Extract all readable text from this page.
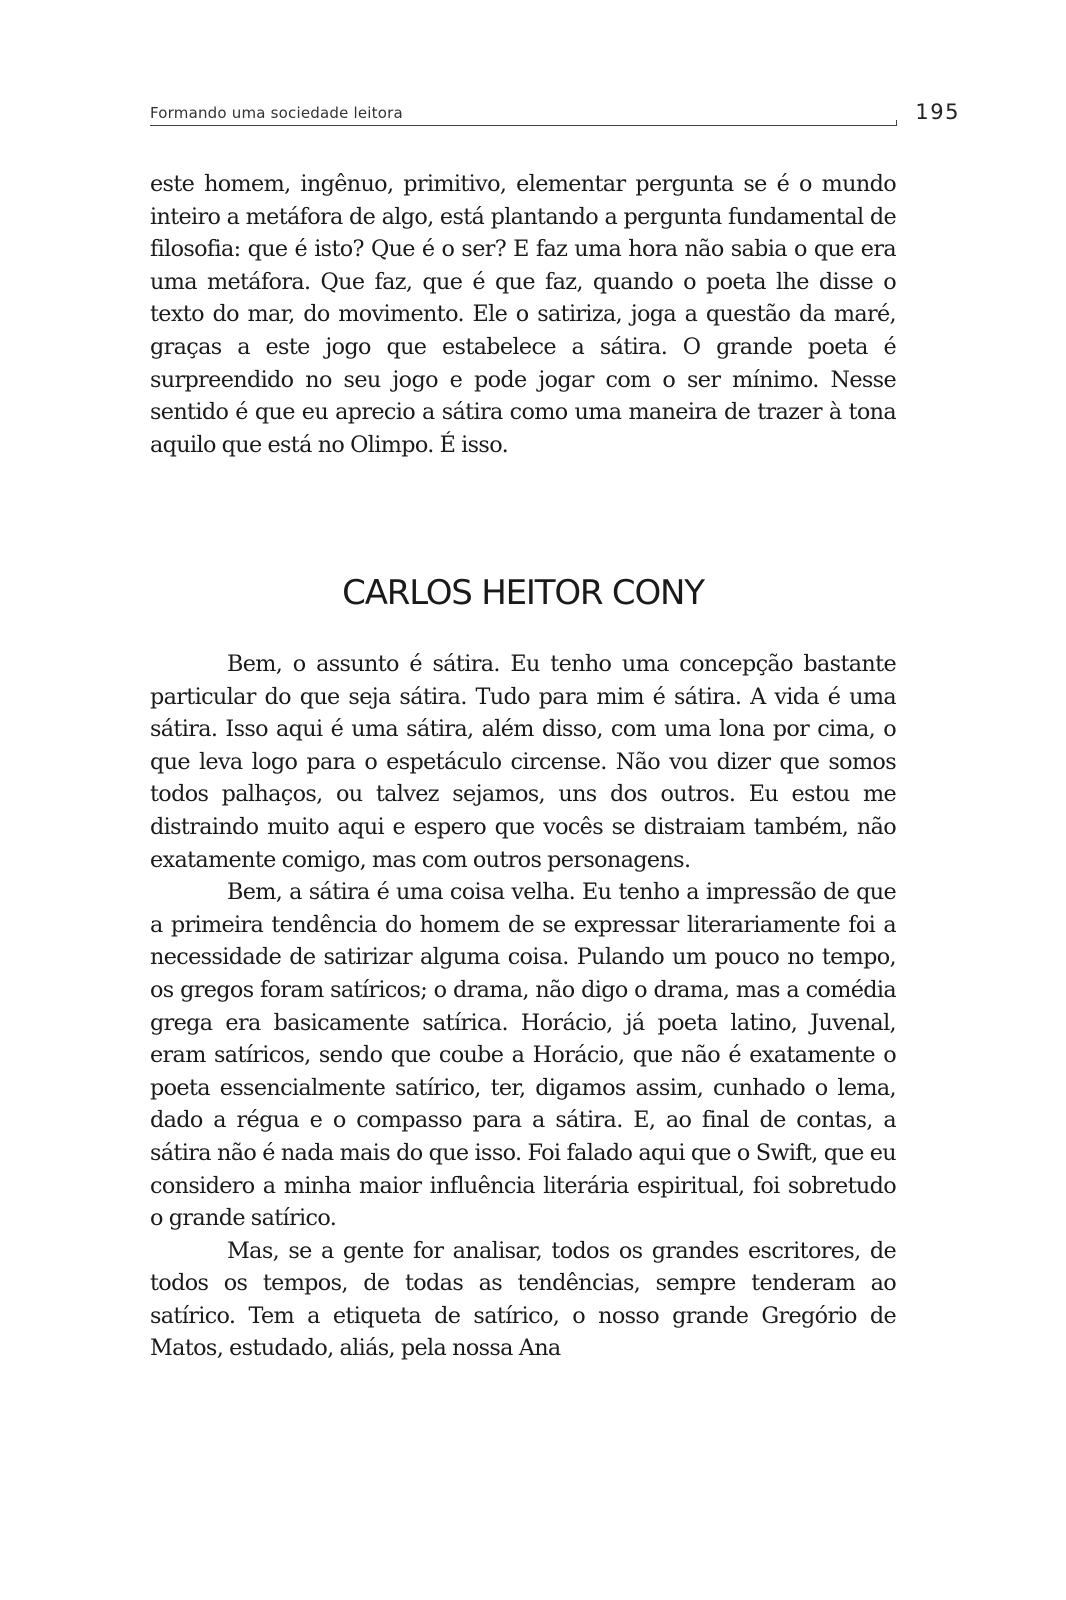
Formando uma sociedade leitora	195

este homem, ingênuo, primitivo, elementar pergunta se é o mundo inteiro a metáfora de algo, está plantando a pergunta fundamental de filosofia: que é isto? Que é o ser? E faz uma hora não sabia o que era uma metáfora. Que faz, que é que faz, quando o poeta lhe disse o texto do mar, do movimento. Ele o satiriza, joga a questão da maré, graças a este jogo que estabelece a sátira. O grande poeta é surpreendido no seu jogo e pode jogar com o ser mínimo. Nesse sentido é que eu aprecio a sátira como uma maneira de trazer à tona aquilo que está no Olimpo. É isso.

CARLOS HEITOR CONY

Bem, o assunto é sátira. Eu tenho uma concepção bastante particular do que seja sátira. Tudo para mim é sátira. A vida é uma sátira. Isso aqui é uma sátira, além disso, com uma lona por cima, o que leva logo para o espetáculo circense. Não vou dizer que somos todos palhaços, ou talvez sejamos, uns dos outros. Eu estou me distraindo muito aqui e espero que vocês se distraiam também, não exatamente comigo, mas com outros personagens.

Bem, a sátira é uma coisa velha. Eu tenho a impressão de que a primeira tendência do homem de se expressar literariamente foi a necessidade de satirizar alguma coisa. Pulando um pouco no tempo, os gregos foram satíricos; o drama, não digo o drama, mas a comédia grega era basicamente satírica. Horácio, já poeta latino, Juvenal, eram satíricos, sendo que coube a Horácio, que não é exatamente o poeta essencialmente satírico, ter, digamos assim, cunhado o lema, dado a régua e o compasso para a sátira. E, ao final de contas, a sátira não é nada mais do que isso. Foi falado aqui que o Swift, que eu considero a minha maior influência literária espiritual, foi sobretudo o grande satírico.

Mas, se a gente for analisar, todos os grandes escritores, de todos os tempos, de todas as tendências, sempre tenderam ao satírico. Tem a etiqueta de satírico, o nosso grande Gregório de Matos, estudado, aliás, pela nossa Ana
